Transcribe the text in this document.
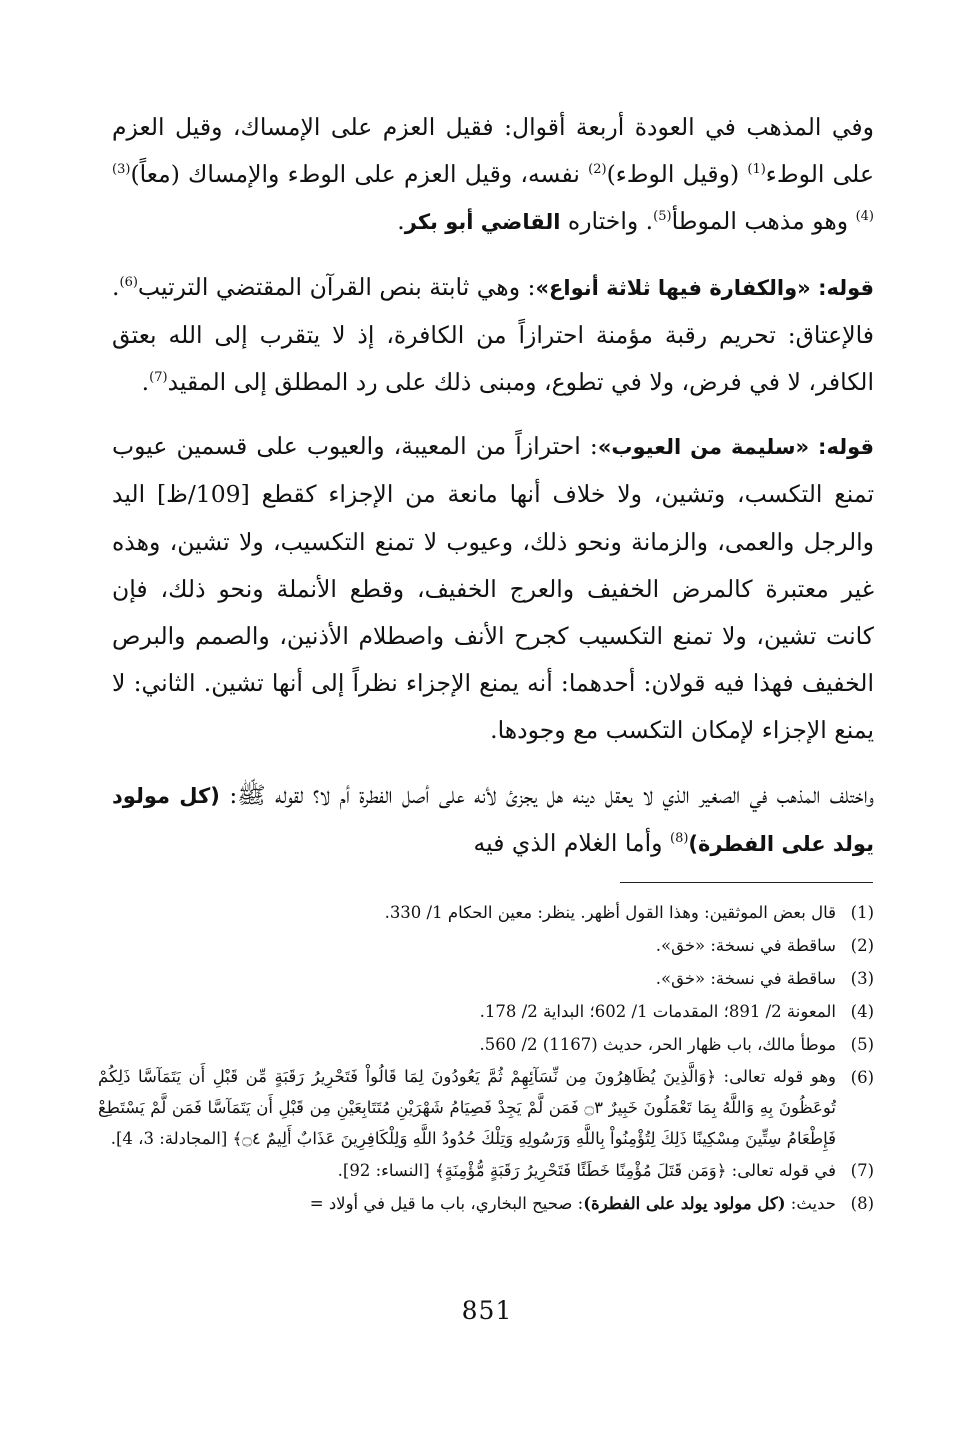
وفي المذهب في العودة أربعة أقوال: فقيل العزم على الإمساك، وقيل العزم على الوطء$^{(1)}$ (وقيل الوطء)$^{(2)}$ نفسه، وقيل العزم على الوطء والإمساك (معاً)$^{(3)(4)}$ وهو مذهب الموطأ$^{(5)}$. واختاره القاضي أبو بكر.

قوله: «والكفارة فيها ثلاثة أنواع»: وهي ثابتة بنص القرآن المقتضي الترتيب$^{(6)}$. فالإعتاق: تحريم رقبة مؤمنة احترازاً من الكافرة، إذ لا يتقرب إلى الله بعتق الكافر، لا في فرض، ولا في تطوع، ومبنى ذلك على رد المطلق إلى المقيد$^{(7)}$.

قوله: «سليمة من العيوب»: احترازاً من المعيبة، والعيوب على قسمين عيوب تمنع التكسب، وتشين، ولا خلاف أنها مانعة من الإجزاء كقطع [109/ظ] اليد والرجل والعمى، والزمانة ونحو ذلك، وعيوب لا تمنع التكسيب، ولا تشين، وهذه غير معتبرة كالمرض الخفيف والعرج الخفيف، وقطع الأنملة ونحو ذلك، فإن كانت تشين، ولا تمنع التكسيب كجرح الأنف واصطلام الأذنين، والصمم والبرص الخفيف فهذا فيه قولان: أحدهما: أنه يمنع الإجزاء نظراً إلى أنها تشين. الثاني: لا يمنع الإجزاء لإمكان التكسب مع وجودها.

واختلف المذهب في الصغير الذي لا يعقل دينه هل يجزئ لأنه على أصل الفطرة أم لا؟ لقوله ﷺ: (كل مولود يولد على الفطرة)$^{(8)}$ وأما الغلام الذي فيه

(1)
قال بعض الموثقين: وهذا القول أظهر. ينظر: معين الحكام 1/ 330.
(2)
ساقطة في نسخة: «خق».
(3)
ساقطة في نسخة: «خق».
(4)
المعونة 2/ 891؛ المقدمات 1/ 602؛ البداية 2/ 178.
(5)
موطأ مالك، باب ظهار الحر، حديث (1167) 2/ 560.
(6)
وهو قوله تعالى: ﴿وَالَّذِينَ يُظَاهِرُونَ مِن نِّسَآئِهِمْ ثُمَّ يَعُودُونَ لِمَا قَالُواْ فَتَحْرِيرُ رَقَبَةٍ مِّن قَبْلِ أَن يَتَمَآسَّا ذَلِكُمْ تُوعَظُونَ بِهِ وَاللَّهُ بِمَا تَعْمَلُونَ خَبِيرٌ ۝٣ فَمَن لَّمْ يَجِدْ فَصِيَامُ شَهْرَيْنِ مُتَتَابِعَيْنِ مِن قَبْلِ أَن يَتَمَآسَّا فَمَن لَّمْ يَسْتَطِعْ فَإِطْعَامُ سِتِّينَ مِسْكِينًا ذَلِكَ لِتُؤْمِنُواْ بِاللَّهِ وَرَسُولِهِ وَتِلْكَ حُدُودُ اللَّهِ وَلِلْكَافِرِينَ عَذَابٌ أَلِيمٌ ۝٤﴾ [المجادلة: 3، 4].
(7)
في قوله تعالى: ﴿وَمَن قَتَلَ مُؤْمِنًا خَطَئًا فَتَحْرِيرُ رَقَبَةٍ مُّؤْمِنَةٍ﴾ [النساء: 92].
(8)
حديث: (كل مولود يولد على الفطرة): صحيح البخاري، باب ما قيل في أولاد =
851
